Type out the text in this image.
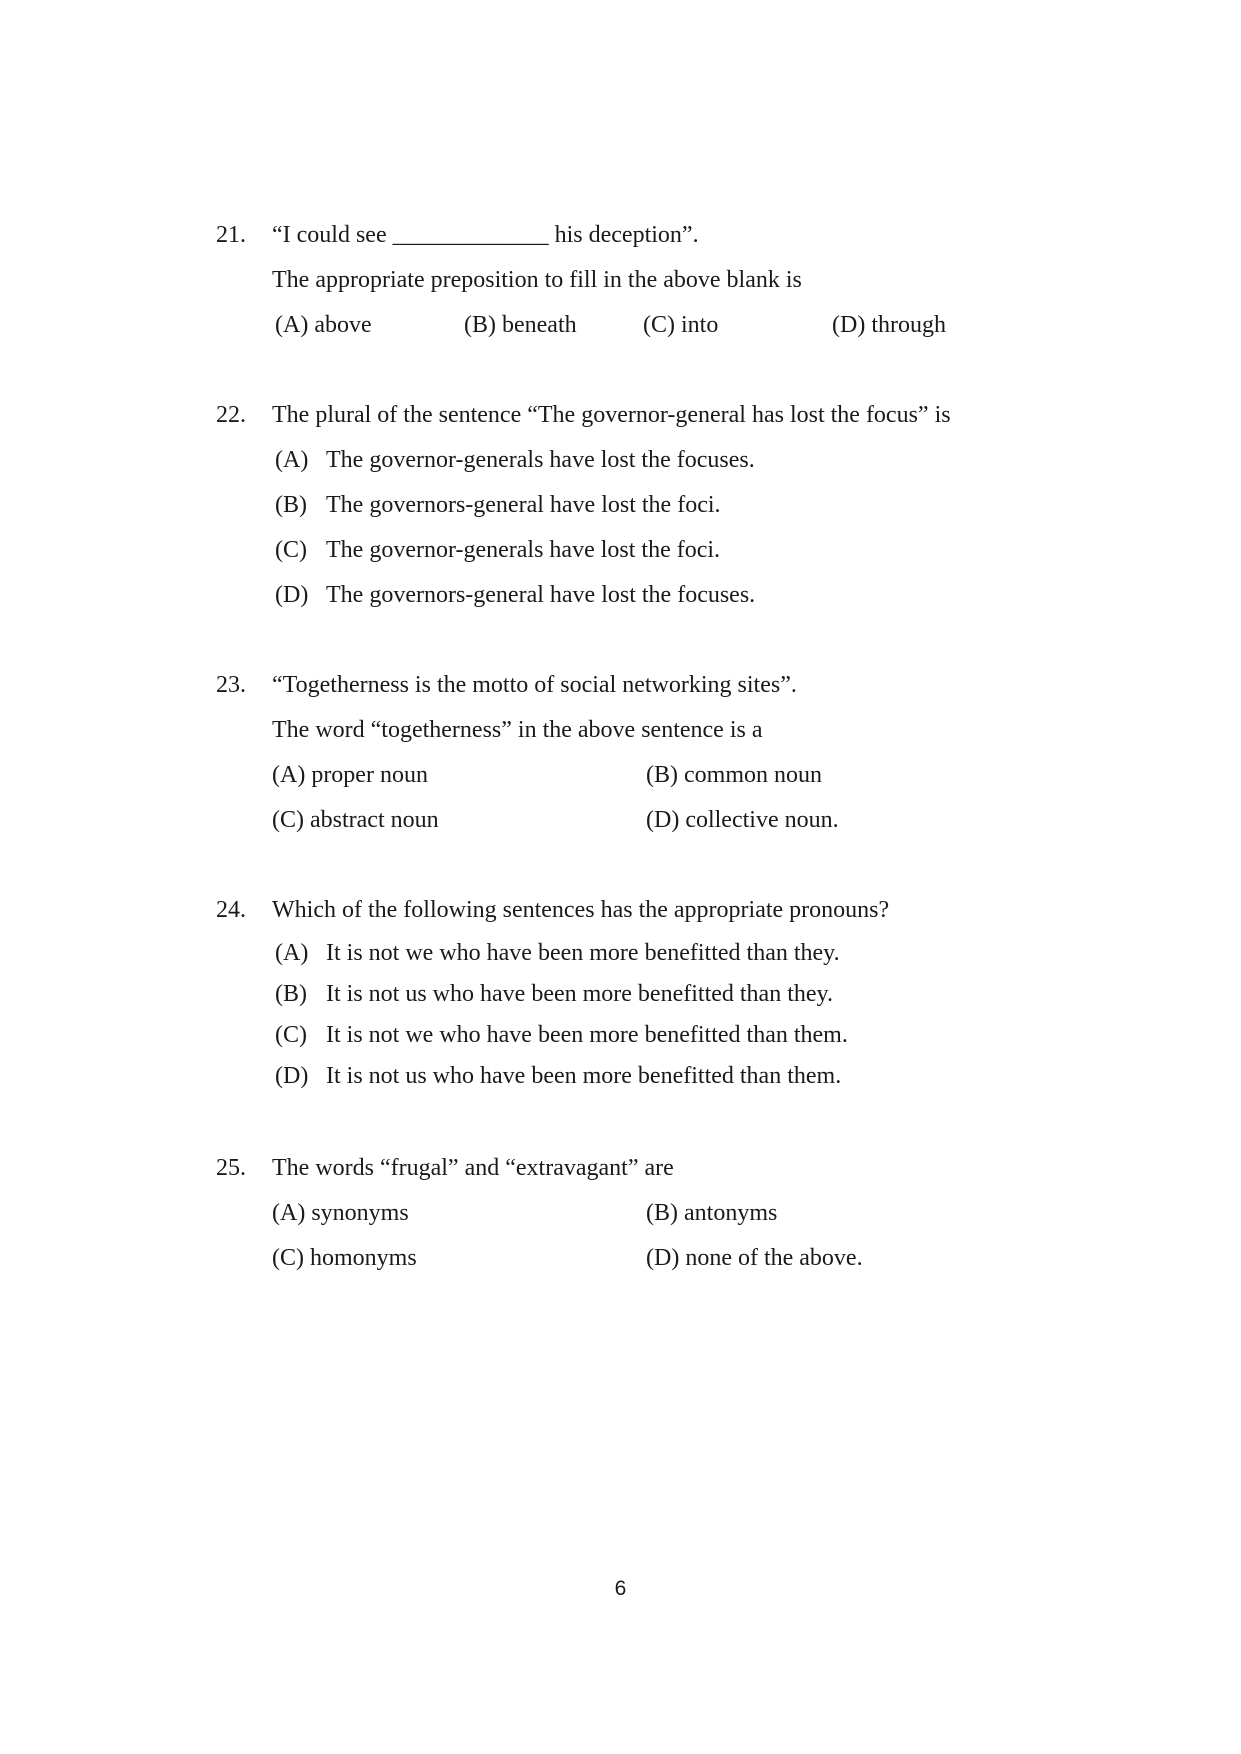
21. “I could see _____________ his deception”.
The appropriate preposition to fill in the above blank is
(A) above	(B) beneath	(C) into	(D) through
22. The plural of the sentence “The governor-general has lost the focus” is
(A) The governor-generals have lost the focuses.
(B) The governors-general have lost the foci.
(C) The governor-generals have lost the foci.
(D) The governors-general have lost the focuses.
23. “Togetherness is the motto of social networking sites”.
The word “togetherness” in the above sentence is a
(A) proper noun	(B) common noun
(C) abstract noun	(D) collective noun.
24. Which of the following sentences has the appropriate pronouns?
(A) It is not we who have been more benefitted than they.
(B) It is not us who have been more benefitted than they.
(C) It is not we who have been more benefitted than them.
(D) It is not us who have been more benefitted than them.
25. The words “frugal” and “extravagant” are
(A) synonyms	(B) antonyms
(C) homonyms	(D) none of the above.
6
